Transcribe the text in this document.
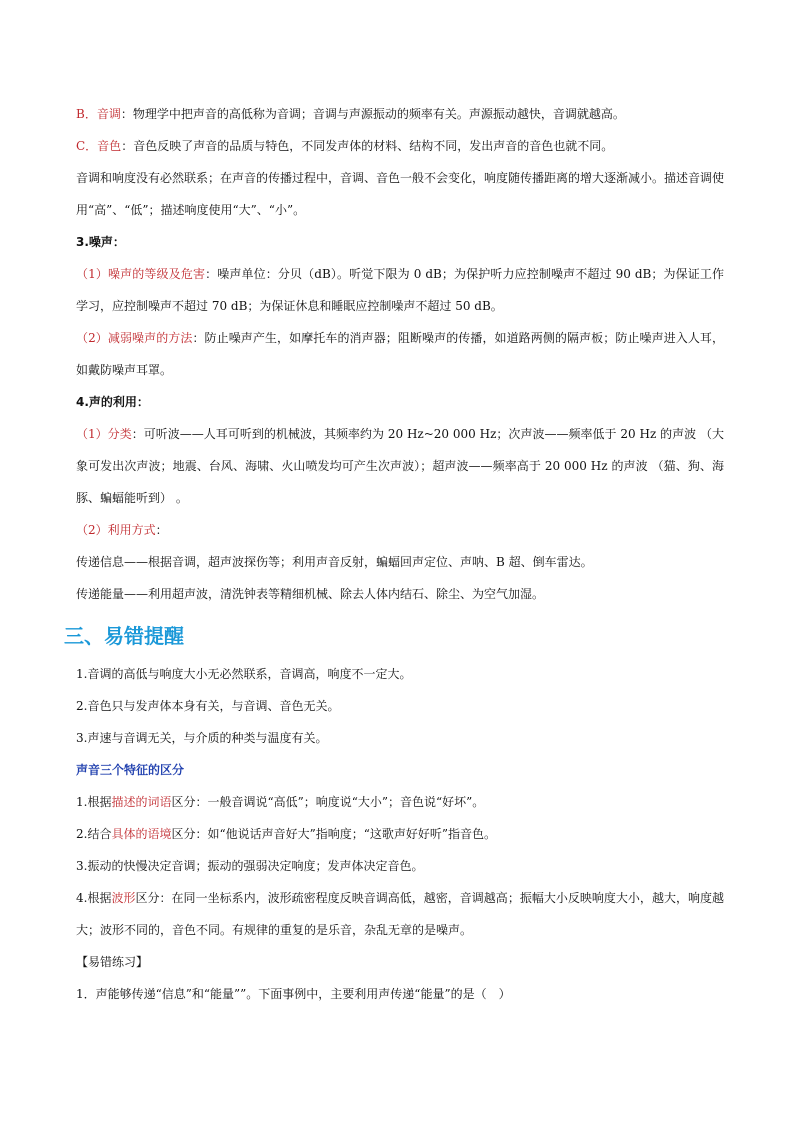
B．音调：物理学中把声音的高低称为音调；音调与声源振动的频率有关。声源振动越快，音调就越高。

C．音色：音色反映了声音的品质与特色，不同发声体的材料、结构不同，发出声音的音色也就不同。

音调和响度没有必然联系；在声音的传播过程中，音调、音色一般不会变化，响度随传播距离的增大逐渐减小。描述音调使用“高”、“低”；描述响度使用“大”、“小”。

3.噪声：

（1）噪声的等级及危害：噪声单位：分贝（dB）。听觉下限为 0 dB；为保护听力应控制噪声不超过 90 dB；为保证工作学习，应控制噪声不超过 70 dB；为保证休息和睡眠应控制噪声不超过 50 dB。

（2）减弱噪声的方法：防止噪声产生，如摩托车的消声器；阻断噪声的传播，如道路两侧的隔声板；防止噪声进入人耳，如戴防噪声耳罩。

4.声的利用：

（1）分类：可听波——人耳可听到的机械波，其频率约为 20 Hz~20 000 Hz；次声波——频率低于 20 Hz 的声波 （大象可发出次声波；地震、台风、海啸、火山喷发均可产生次声波）；超声波——频率高于 20 000 Hz 的声波 （猫、狗、海豚、蝙蝠能听到） 。

（2）利用方式：

传递信息——根据音调，超声波探伤等；利用声音反射，蝙蝠回声定位、声呐、B 超、倒车雷达。

传递能量——利用超声波，清洗钟表等精细机械、除去人体内结石、除尘、为空气加湿。

三、易错提醒

1.音调的高低与响度大小无必然联系，音调高，响度不一定大。

2.音色只与发声体本身有关，与音调、音色无关。

3.声速与音调无关，与介质的种类与温度有关。

声音三个特征的区分

1.根据描述的词语区分：一般音调说“高低”；响度说“大小”；音色说“好坏”。

2.结合具体的语境区分：如“他说话声音好大”指响度；“这歌声好好听”指音色。

3.振动的快慢决定音调；振动的强弱决定响度；发声体决定音色。

4.根据波形区分：在同一坐标系内，波形疏密程度反映音调高低，越密，音调越高；振幅大小反映响度大小，越大，响度越大；波形不同的，音色不同。有规律的重复的是乐音，杂乱无章的是噪声。

【易错练习】

1．声能够传递“信息”和“能量””。下面事例中，主要利用声传递“能量”的是（　）
